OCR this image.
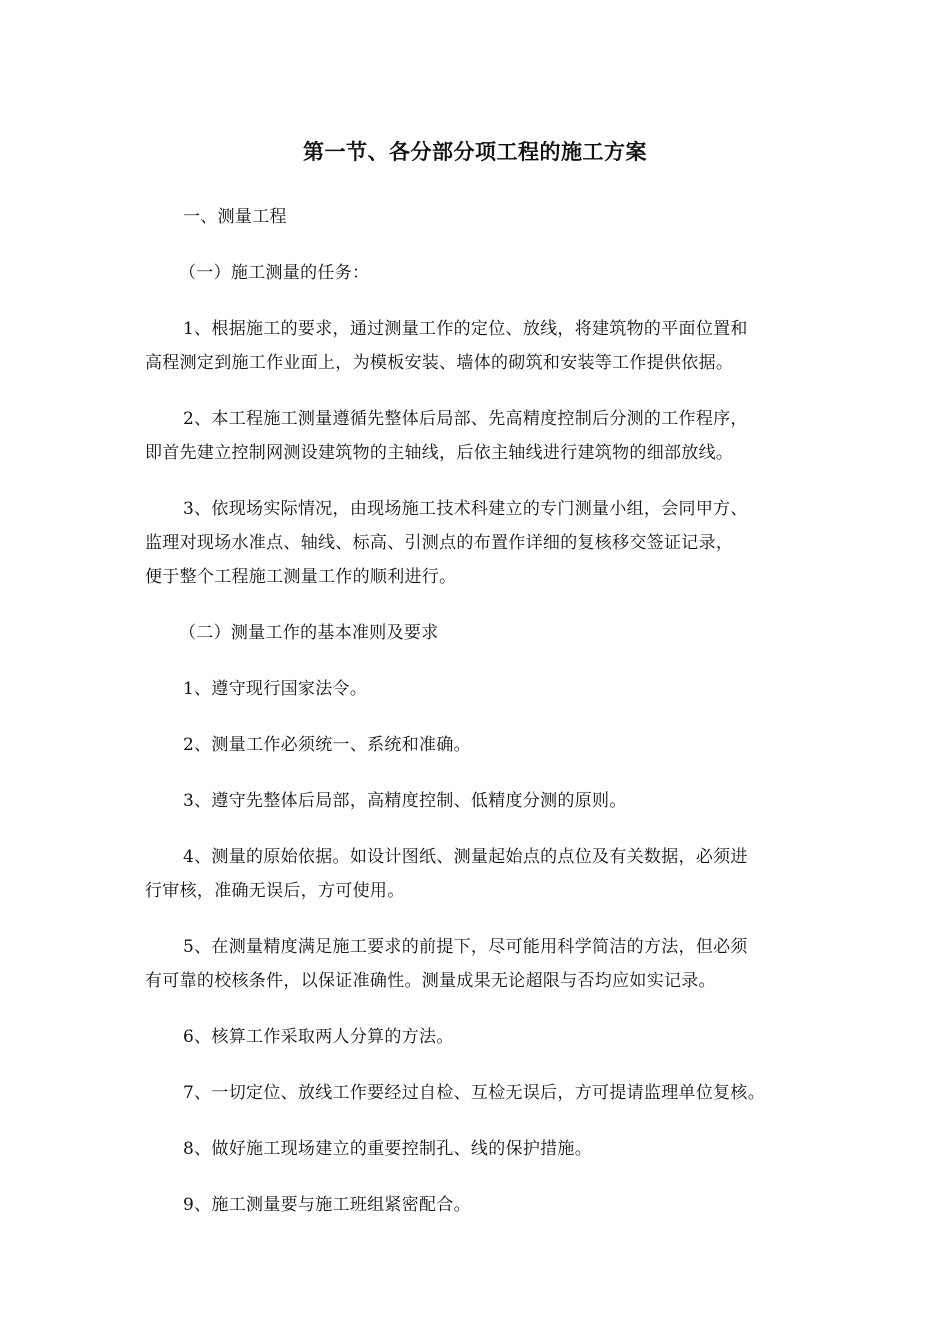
第一节、各分部分项工程的施工方案

一、测量工程

（一）施工测量的任务：

1、根据施工的要求，通过测量工作的定位、放线，将建筑物的平面位置和
高程测定到施工作业面上，为模板安装、墙体的砌筑和安装等工作提供依据。

2、本工程施工测量遵循先整体后局部、先高精度控制后分测的工作程序，
即首先建立控制网测设建筑物的主轴线，后依主轴线进行建筑物的细部放线。

3、依现场实际情况，由现场施工技术科建立的专门测量小组，会同甲方、
监理对现场水准点、轴线、标高、引测点的布置作详细的复核移交签证记录，
便于整个工程施工测量工作的顺利进行。

（二）测量工作的基本准则及要求

1、遵守现行国家法令。

2、测量工作必须统一、系统和准确。

3、遵守先整体后局部，高精度控制、低精度分测的原则。

4、测量的原始依据。如设计图纸、测量起始点的点位及有关数据，必须进
行审核，准确无误后，方可使用。

5、在测量精度满足施工要求的前提下，尽可能用科学简洁的方法，但必须
有可靠的校核条件，以保证准确性。测量成果无论超限与否均应如实记录。

6、核算工作采取两人分算的方法。

7、一切定位、放线工作要经过自检、互检无误后，方可提请监理单位复核。

8、做好施工现场建立的重要控制孔、线的保护措施。

9、施工测量要与施工班组紧密配合。
